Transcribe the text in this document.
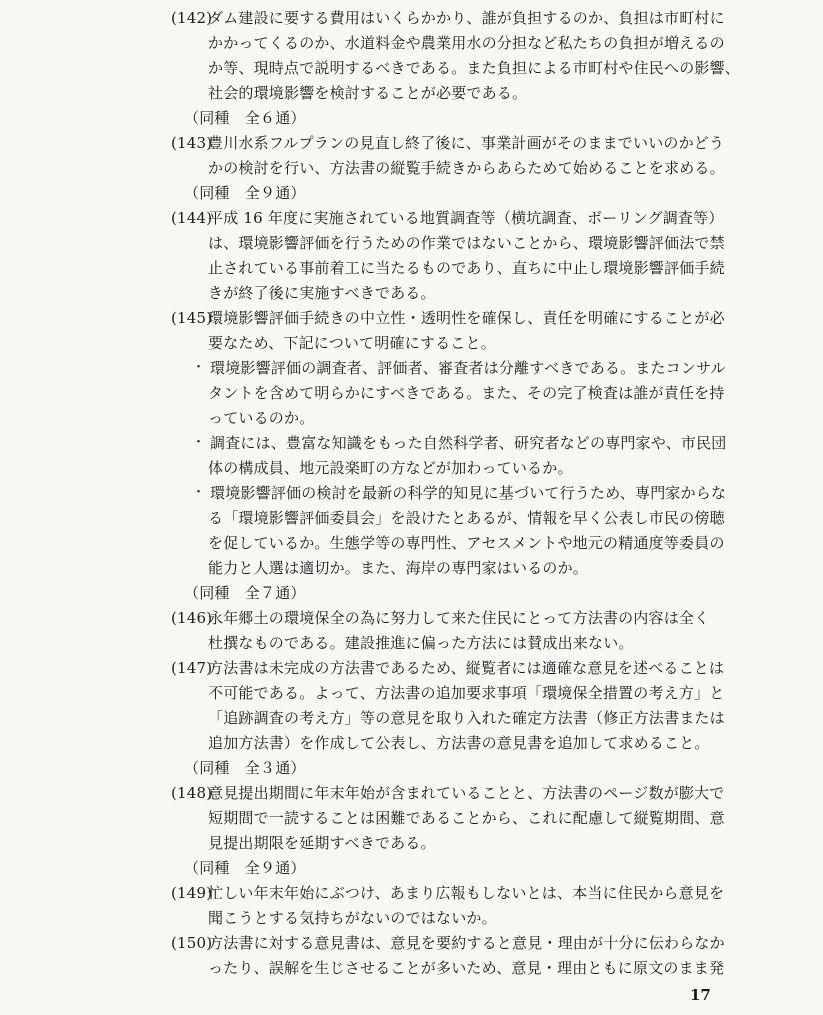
(142)
ダム建設に要する費用はいくらかかり、誰が負担するのか、負担は市町村に
かかってくるのか、水道料金や農業用水の分担など私たちの負担が増えるの
か等、現時点で説明するべきである。また負担による市町村や住民への影響、
社会的環境影響を検討することが必要である。
（同種　全６通）
(143)
豊川水系フルプランの見直し終了後に、事業計画がそのままでいいのかどう
かの検討を行い、方法書の縦覧手続きからあらためて始めることを求める。
（同種　全９通）
(144)
平成 16 年度に実施されている地質調査等（横坑調査、ボーリング調査等）
は、環境影響評価を行うための作業ではないことから、環境影響評価法で禁
止されている事前着工に当たるものであり、直ちに中止し環境影響評価手続
きが終了後に実施すべきである。
(145)
環境影響評価手続きの中立性・透明性を確保し、責任を明確にすることが必
要なため、下記について明確にすること。
・ 環境影響評価の調査者、評価者、審査者は分離すべきである。またコンサル
タントを含めて明らかにすべきである。また、その完了検査は誰が責任を持
っているのか。
・ 調査には、豊富な知識をもった自然科学者、研究者などの専門家や、市民団
体の構成員、地元設楽町の方などが加わっているか。
・ 環境影響評価の検討を最新の科学的知見に基づいて行うため、専門家からな
る「環境影響評価委員会」を設けたとあるが、情報を早く公表し市民の傍聴
を促しているか。生態学等の専門性、アセスメントや地元の精通度等委員の
能力と人選は適切か。また、海岸の専門家はいるのか。
（同種　全７通）
(146)
永年郷土の環境保全の為に努力して来た住民にとって方法書の内容は全く
杜撰なものである。建設推進に偏った方法には賛成出来ない。
(147)
方法書は未完成の方法書であるため、縦覧者には適確な意見を述べることは
不可能である。よって、方法書の追加要求事項「環境保全措置の考え方」と
「追跡調査の考え方」等の意見を取り入れた確定方法書（修正方法書または
追加方法書）を作成して公表し、方法書の意見書を追加して求めること。
（同種　全３通）
(148)
意見提出期間に年末年始が含まれていることと、方法書のページ数が膨大で
短期間で一読することは困難であることから、これに配慮して縦覧期間、意
見提出期限を延期すべきである。
（同種　全９通）
(149)
忙しい年末年始にぶつけ、あまり広報もしないとは、本当に住民から意見を
聞こうとする気持ちがないのではないか。
(150)
方法書に対する意見書は、意見を要約すると意見・理由が十分に伝わらなか
ったり、誤解を生じさせることが多いため、意見・理由ともに原文のまま発
17
